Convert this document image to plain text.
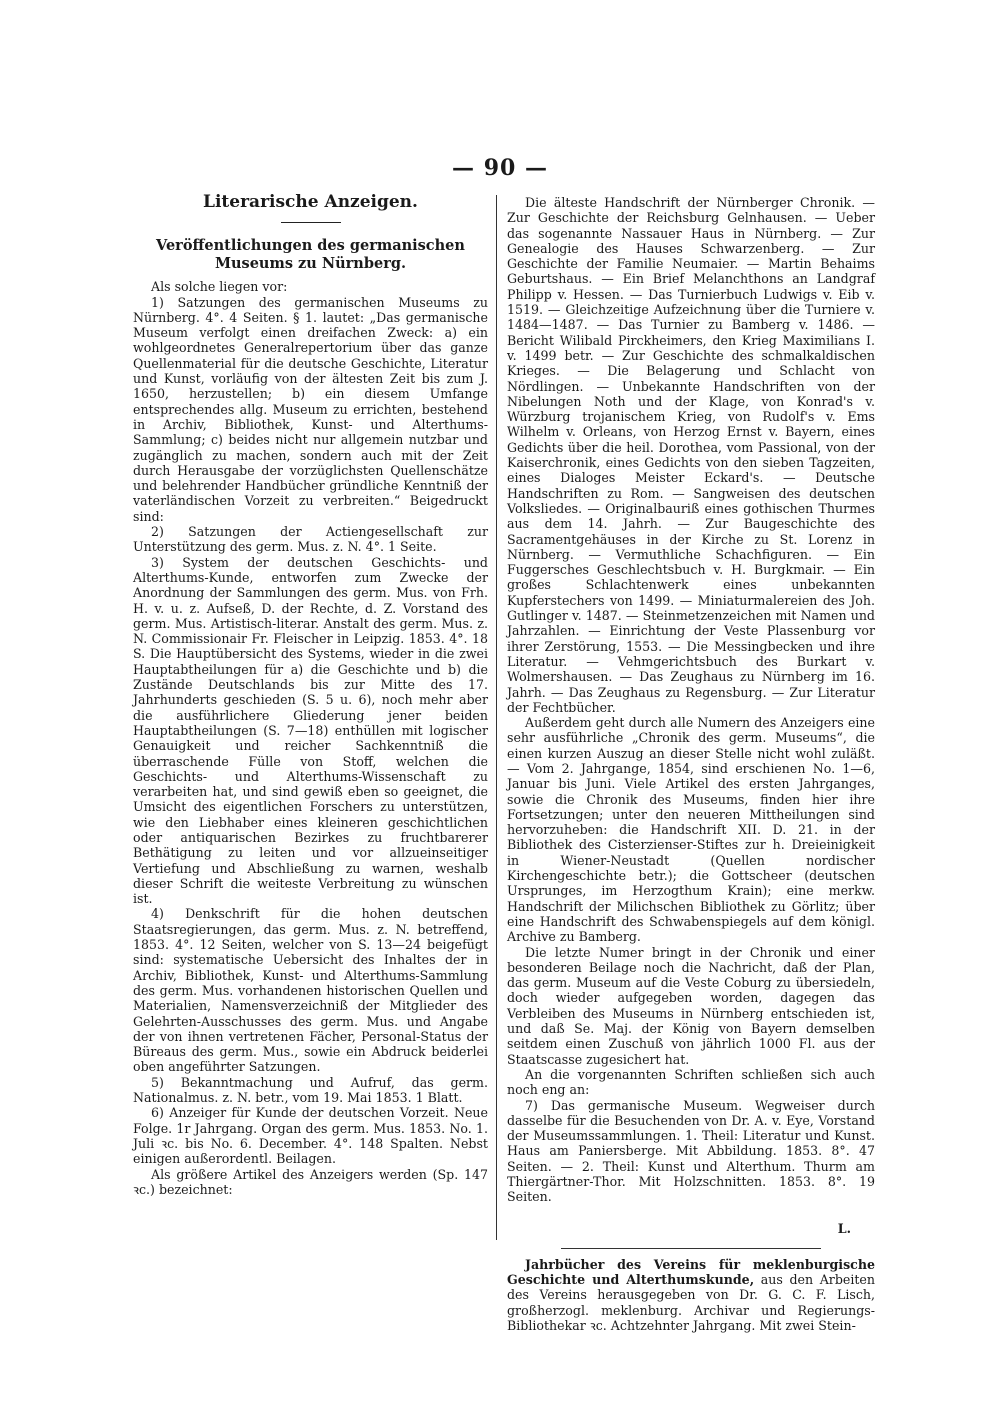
— 90 —
Literarische Anzeigen.
Veröffentlichungen des germanischen Museums zu Nürnberg.

Als solche liegen vor:

1) Satzungen des germanischen Museums zu Nürnberg. 4°. 4 Seiten. § 1. lautet: „Das germanische Museum verfolgt einen dreifachen Zweck: a) ein wohlgeordnetes Generalrepertorium über das ganze Quellenmaterial für die deutsche Geschichte, Literatur und Kunst, vorläufig von der ältesten Zeit bis zum J. 1650, herzustellen; b) ein diesem Umfange entsprechendes allg. Museum zu errichten, bestehend in Archiv, Bibliothek, Kunst- und Alterthums-Sammlung; c) beides nicht nur allgemein nutzbar und zugänglich zu machen, sondern auch mit der Zeit durch Herausgabe der vorzüglichsten Quellenschätze und belehrender Handbücher gründliche Kenntniß der vaterländischen Vorzeit zu verbreiten.“ Beigedruckt sind:

2) Satzungen der Actiengesellschaft zur Unterstützung des germ. Mus. z. N. 4°. 1 Seite.

3) System der deutschen Geschichts- und Alterthums-Kunde, entworfen zum Zwecke der Anordnung der Sammlungen des germ. Mus. von Frh. H. v. u. z. Aufseß, D. der Rechte, d. Z. Vorstand des germ. Mus. Artistisch-literar. Anstalt des germ. Mus. z. N. Commissionair Fr. Fleischer in Leipzig. 1853. 4°. 18 S. Die Hauptübersicht des Systems, wieder in die zwei Hauptabtheilungen für a) die Geschichte und b) die Zustände Deutschlands bis zur Mitte des 17. Jahrhunderts geschieden (S. 5 u. 6), noch mehr aber die ausführlichere Gliederung jener beiden Hauptabtheilungen (S. 7—18) enthüllen mit logischer Genauigkeit und reicher Sachkenntniß die überraschende Fülle von Stoff, welchen die Geschichts- und Alterthums-Wissenschaft zu verarbeiten hat, und sind gewiß eben so geeignet, die Umsicht des eigentlichen Forschers zu unterstützen, wie den Liebhaber eines kleineren geschichtlichen oder antiquarischen Bezirkes zu fruchtbarerer Bethätigung zu leiten und vor allzueinseitiger Vertiefung und Abschließung zu warnen, weshalb dieser Schrift die weiteste Verbreitung zu wünschen ist.

4) Denkschrift für die hohen deutschen Staatsregierungen, das germ. Mus. z. N. betreffend, 1853. 4°. 12 Seiten, welcher von S. 13—24 beigefügt sind: systematische Uebersicht des Inhaltes der in Archiv, Bibliothek, Kunst- und Alterthums-Sammlung des germ. Mus. vorhandenen historischen Quellen und Materialien, Namensverzeichniß der Mitglieder des Gelehrten-Ausschusses des germ. Mus. und Angabe der von ihnen vertretenen Fächer, Personal-Status der Büreaus des germ. Mus., sowie ein Abdruck beiderlei oben angeführter Satzungen.

5) Bekanntmachung und Aufruf, das germ. Nationalmus. z. N. betr., vom 19. Mai 1853. 1 Blatt.

6) Anzeiger für Kunde der deutschen Vorzeit. Neue Folge. 1r Jahrgang. Organ des germ. Mus. 1853. No. 1. Juli ꝛc. bis No. 6. December. 4°. 148 Spalten. Nebst einigen außerordentl. Beilagen.

Als größere Artikel des Anzeigers werden (Sp. 147 ꝛc.) bezeichnet:

Die älteste Handschrift der Nürnberger Chronik. — Zur Geschichte der Reichsburg Gelnhausen. — Ueber das sogenannte Nassauer Haus in Nürnberg. — Zur Genealogie des Hauses Schwarzenberg. — Zur Geschichte der Familie Neumaier. — Martin Behaims Geburtshaus. — Ein Brief Melanchthons an Landgraf Philipp v. Hessen. — Das Turnierbuch Ludwigs v. Eib v. 1519. — Gleichzeitige Aufzeichnung über die Turniere v. 1484—1487. — Das Turnier zu Bamberg v. 1486. — Bericht Wilibald Pirckheimers, den Krieg Maximilians I. v. 1499 betr. — Zur Geschichte des schmalkaldischen Krieges. — Die Belagerung und Schlacht von Nördlingen. — Unbekannte Handschriften von der Nibelungen Noth und der Klage, von Konrad's v. Würzburg trojanischem Krieg, von Rudolf's v. Ems Wilhelm v. Orleans, von Herzog Ernst v. Bayern, eines Gedichts über die heil. Dorothea, vom Passional, von der Kaiserchronik, eines Gedichts von den sieben Tagzeiten, eines Dialoges Meister Eckard's. — Deutsche Handschriften zu Rom. — Sangweisen des deutschen Volksliedes. — Originalbauriß eines gothischen Thurmes aus dem 14. Jahrh. — Zur Baugeschichte des Sacramentgehäuses in der Kirche zu St. Lorenz in Nürnberg. — Vermuthliche Schachfiguren. — Ein Fuggersches Geschlechtsbuch v. H. Burgkmair. — Ein großes Schlachtenwerk eines unbekannten Kupferstechers von 1499. — Miniaturmalereien des Joh. Gutlinger v. 1487. — Steinmetzenzeichen mit Namen und Jahrzahlen. — Einrichtung der Veste Plassenburg vor ihrer Zerstörung, 1553. — Die Messingbecken und ihre Literatur. — Vehmgerichtsbuch des Burkart v. Wolmershausen. — Das Zeughaus zu Nürnberg im 16. Jahrh. — Das Zeughaus zu Regensburg. — Zur Literatur der Fechtbücher.

Außerdem geht durch alle Numern des Anzeigers eine sehr ausführliche „Chronik des germ. Museums“, die einen kurzen Auszug an dieser Stelle nicht wohl zuläßt. — Vom 2. Jahrgange, 1854, sind erschienen No. 1—6, Januar bis Juni. Viele Artikel des ersten Jahrganges, sowie die Chronik des Museums, finden hier ihre Fortsetzungen; unter den neueren Mittheilungen sind hervorzuheben: die Handschrift XII. D. 21. in der Bibliothek des Cisterzienser-Stiftes zur h. Dreieinigkeit in Wiener-Neustadt (Quellen nordischer Kirchengeschichte betr.); die Gottscheer (deutschen Ursprunges, im Herzogthum Krain); eine merkw. Handschrift der Milichschen Bibliothek zu Görlitz; über eine Handschrift des Schwabenspiegels auf dem königl. Archive zu Bamberg.

Die letzte Numer bringt in der Chronik und einer besonderen Beilage noch die Nachricht, daß der Plan, das germ. Museum auf die Veste Coburg zu übersiedeln, doch wieder aufgegeben worden, dagegen das Verbleiben des Museums in Nürnberg entschieden ist, und daß Se. Maj. der König von Bayern demselben seitdem einen Zuschuß von jährlich 1000 Fl. aus der Staatscasse zugesichert hat.

An die vorgenannten Schriften schließen sich auch noch eng an:

7) Das germanische Museum. Wegweiser durch dasselbe für die Besuchenden von Dr. A. v. Eye, Vorstand der Museumssammlungen. 1. Theil: Literatur und Kunst. Haus am Paniersberge. Mit Abbildung. 1853. 8°. 47 Seiten. — 2. Theil: Kunst und Alterthum. Thurm am Thiergärtner-Thor. Mit Holzschnitten. 1853. 8°. 19 Seiten.

L.

Jahrbücher des Vereins für meklenburgische Geschichte und Alterthumskunde, aus den Arbeiten des Vereins herausgegeben von Dr. G. C. F. Lisch, großherzogl. meklenburg. Archivar und Regierungs-Bibliothekar ꝛc. Achtzehnter Jahrgang. Mit zwei Stein-
